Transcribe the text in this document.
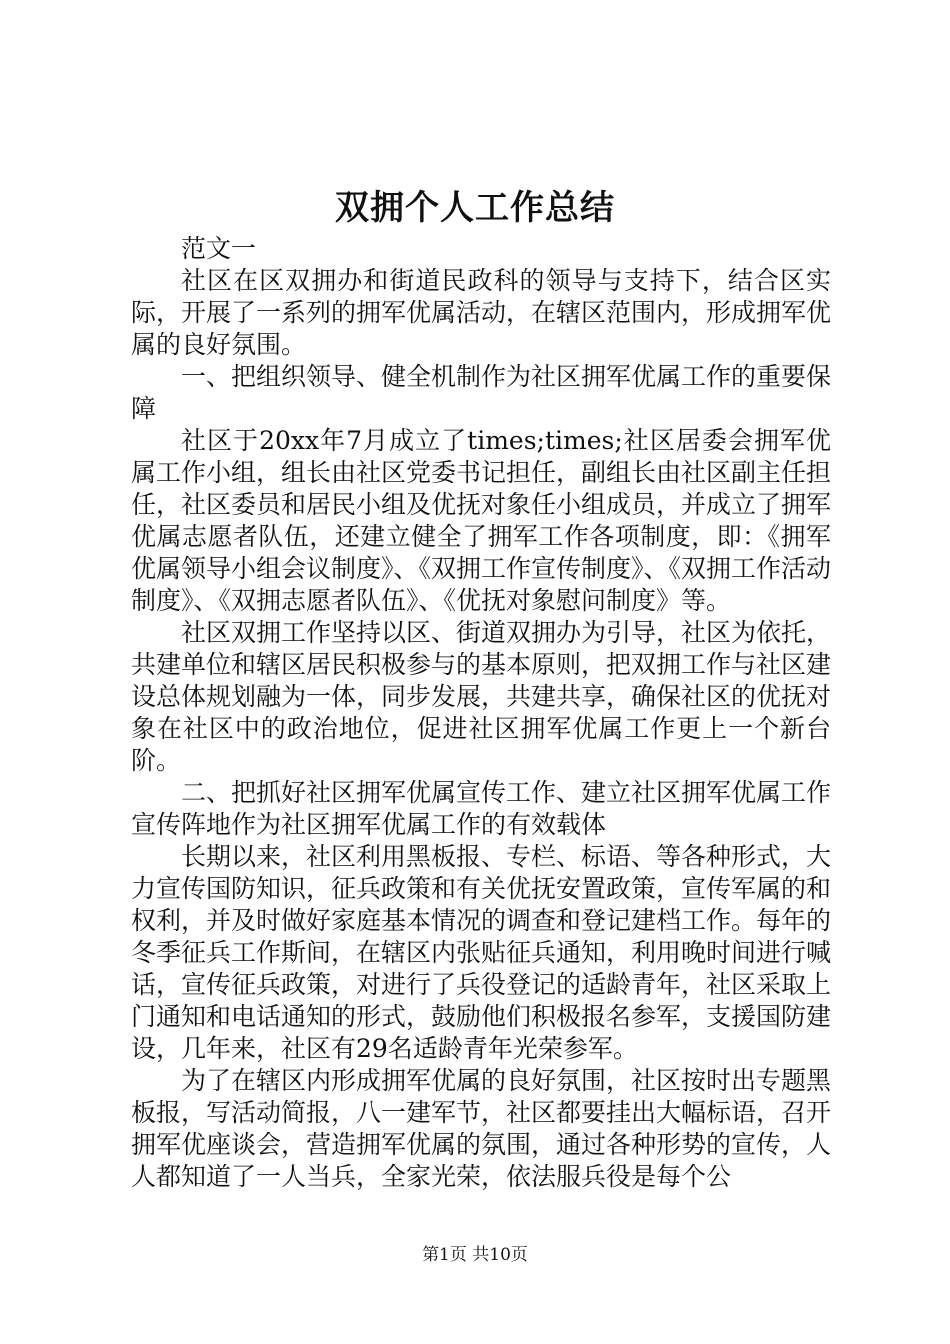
双拥个人工作总结

范文一

社区在区双拥办和街道民政科的领导与支持下，结合区实际，开展了一系列的拥军优属活动，在辖区范围内，形成拥军优属的良好氛围。

一、把组织领导、健全机制作为社区拥军优属工作的重要保障

社区于20xx年7月成立了times;times;社区居委会拥军优属工作小组，组长由社区党委书记担任，副组长由社区副主任担任，社区委员和居民小组及优抚对象任小组成员，并成立了拥军优属志愿者队伍，还建立健全了拥军工作各项制度，即：《拥军优属领导小组会议制度》、《双拥工作宣传制度》、《双拥工作活动制度》、《双拥志愿者队伍》、《优抚对象慰问制度》等。

社区双拥工作坚持以区、街道双拥办为引导，社区为依托，共建单位和辖区居民积极参与的基本原则，把双拥工作与社区建设总体规划融为一体，同步发展，共建共享，确保社区的优抚对象在社区中的政治地位，促进社区拥军优属工作更上一个新台阶。

二、把抓好社区拥军优属宣传工作、建立社区拥军优属工作宣传阵地作为社区拥军优属工作的有效载体

长期以来，社区利用黑板报、专栏、标语、等各种形式，大力宣传国防知识，征兵政策和有关优抚安置政策，宣传军属的和权利，并及时做好家庭基本情况的调查和登记建档工作。每年的冬季征兵工作斯间，在辖区内张贴征兵通知，利用晚时间进行喊话，宣传征兵政策，对进行了兵役登记的适龄青年，社区采取上门通知和电话通知的形式，鼓励他们积极报名参军，支援国防建设，几年来，社区有29名适龄青年光荣参军。

为了在辖区内形成拥军优属的良好氛围，社区按时出专题黑板报，写活动简报，八一建军节，社区都要挂出大幅标语，召开拥军优座谈会，营造拥军优属的氛围，通过各种形势的宣传，人人都知道了一人当兵，全家光荣，依法服兵役是每个公

第1页 共10页
